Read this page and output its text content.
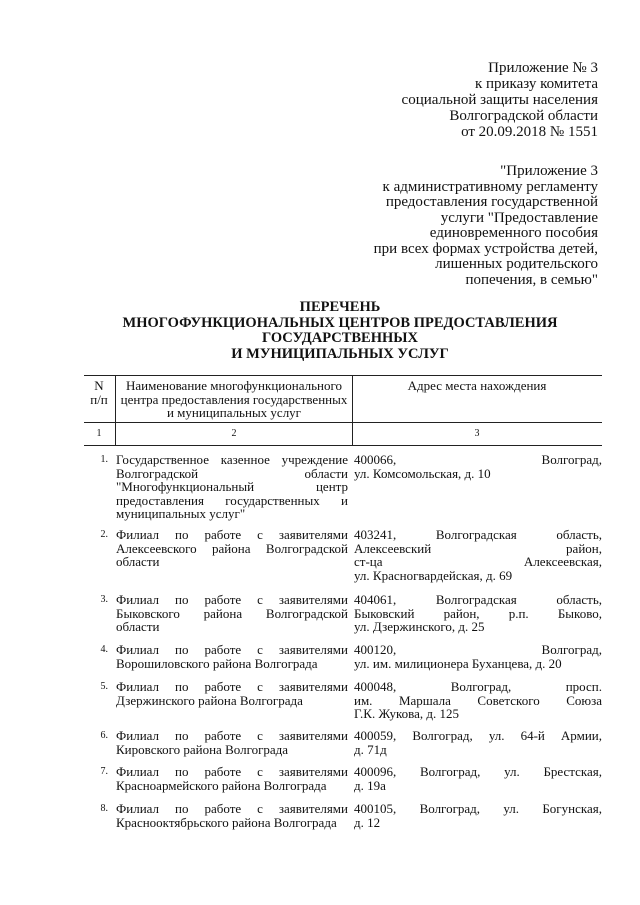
Приложение № 3
к приказу комитета
социальной защиты населения
Волгоградской области
от 20.09.2018 № 1551
"Приложение 3
к административному регламенту
предоставления государственной
услуги "Предоставление
единовременного пособия
при всех формах устройства детей,
лишенных родительского
попечения, в семью"
ПЕРЕЧЕНЬ
МНОГОФУНКЦИОНАЛЬНЫХ ЦЕНТРОВ ПРЕДОСТАВЛЕНИЯ
ГОСУДАРСТВЕННЫХ
И МУНИЦИПАЛЬНЫХ УСЛУГ
N
п/п
Наименование многофункционального
центра предоставления государственных
и муниципальных услуг
Адрес места нахождения
1	2	3
1. Государственное казенное учреждение
Волгоградской области
"Многофункциональный центр
предоставления государственных и
муниципальных услуг"
400066, Волгоград,
ул. Комсомольская, д. 10
2. Филиал по работе с заявителями
Алексеевского района Волгоградской
области
403241, Волгоградская область,
Алексеевский район,
ст-ца Алексеевская,
ул. Красногвардейская, д. 69
3. Филиал по работе с заявителями
Быковского района Волгоградской
области
404061, Волгоградская область,
Быковский район, р.п. Быково,
ул. Дзержинского, д. 25
4. Филиал по работе с заявителями
Ворошиловского района Волгограда
400120, Волгоград,
ул. им. милиционера Буханцева, д. 20
5. Филиал по работе с заявителями
Дзержинского района Волгограда
400048, Волгоград, просп.
им. Маршала Советского Союза
Г.К. Жукова, д. 125
6. Филиал по работе с заявителями
Кировского района Волгограда
400059, Волгоград, ул. 64-й Армии,
д. 71д
7. Филиал по работе с заявителями
Красноармейского района Волгограда
400096, Волгоград, ул. Брестская,
д. 19а
8. Филиал по работе с заявителями
Краснооктябрьского района Волгограда
400105, Волгоград, ул. Богунская,
д. 12
